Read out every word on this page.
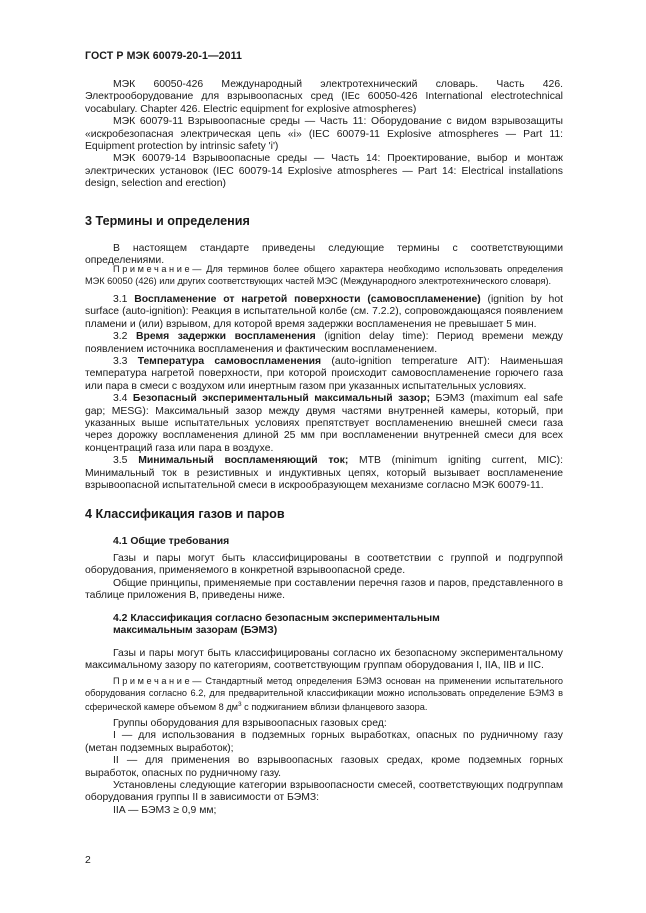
ГОСТ Р МЭК 60079-20-1—2011

МЭК 60050-426 Международный электротехнический словарь. Часть 426. Электрооборудование для взрывоопасных сред (IEc 60050-426 International electrotechnical vocabulary. Chapter 426. Electric equipment for explosive atmospheres)

МЭК 60079-11 Взрывоопасные среды — Часть 11: Оборудование с видом взрывозащиты «искробезопасная электрическая цепь «i» (IEC 60079-11 Explosive atmospheres — Part 11: Equipment protection by intrinsic safety 'i')

МЭК 60079-14 Взрывоопасные среды — Часть 14: Проектирование, выбор и монтаж электрических установок (IEC 60079-14 Explosive atmospheres — Part 14: Electrical installations design, selection and erection)

3 Термины и определения

В настоящем стандарте приведены следующие термины с соответствующими определениями.

Примечание— Для терминов более общего характера необходимо использовать определения МЭК 60050 (426) или других соответствующих частей МЭС (Международного электротехнического словаря).

3.1 Воспламенение от нагретой поверхности (самовоспламенение) (ignition by hot surface (auto-ignition): Реакция в испытательной колбе (см. 7.2.2), сопровождающаяся появлением пламени и (или) взрывом, для которой время задержки воспламенения не превышает 5 мин.

3.2 Время задержки воспламенения (ignition delay time): Период времени между появлением источника воспламенения и фактическим воспламенением.

3.3 Температура самовоспламенения (auto-ignition temperature AIT): Наименьшая температура нагретой поверхности, при которой происходит самовоспламенение горючего газа или пара в смеси с воздухом или инертным газом при указанных испытательных условиях.

3.4 Безопасный экспериментальный максимальный зазор; БЭМЗ (maximum eal safe gap; MESG): Максимальный зазор между двумя частями внутренней камеры, который, при указанных выше испытательных условиях препятствует воспламенению внешней смеси газа через дорожку воспламенения длиной 25 мм при воспламенении внутренней смеси для всех концентраций газа или пара в воздухе.

3.5 Минимальный воспламеняющий ток; МТВ (minimum igniting current, MIC): Минимальный ток в резистивных и индуктивных цепях, который вызывает воспламенение взрывоопасной испытательной смеси в искрообразующем механизме согласно МЭК 60079-11.

4 Классификация газов и паров
4.1 Общие требования

Газы и пары могут быть классифицированы в соответствии с группой и подгруппой оборудования, применяемого в конкретной взрывоопасной среде.

Общие принципы, применяемые при составлении перечня газов и паров, представленного в таблице приложения B, приведены ниже.

4.2 Классификация согласно безопасным экспериментальным
максимальным зазорам (БЭМЗ)

Газы и пары могут быть классифицированы согласно их безопасному экспериментальному максимальному зазору по категориям, соответствующим группам оборудования I, IIA, IIB и IIC.

Примечание— Стандартный метод определения БЭМЗ основан на применении испытательного оборудования согласно 6.2, для предварительной классификации можно использовать определение БЭМЗ в сферической камере объемом 8 $дм^3$ с поджиганием вблизи фланцевого зазора.

Группы оборудования для взрывоопасных газовых сред:

I — для использования в подземных горных выработках, опасных по рудничному газу (метан подземных выработок);

II — для применения во взрывоопасных газовых средах, кроме подземных горных выработок, опасных по рудничному газу.

Установлены следующие категории взрывоопасности смесей, соответствующих подгруппам оборудования группы II в зависимости от БЭМЗ:

IIA — БЭМЗ ≥ 0,9 мм;

2
